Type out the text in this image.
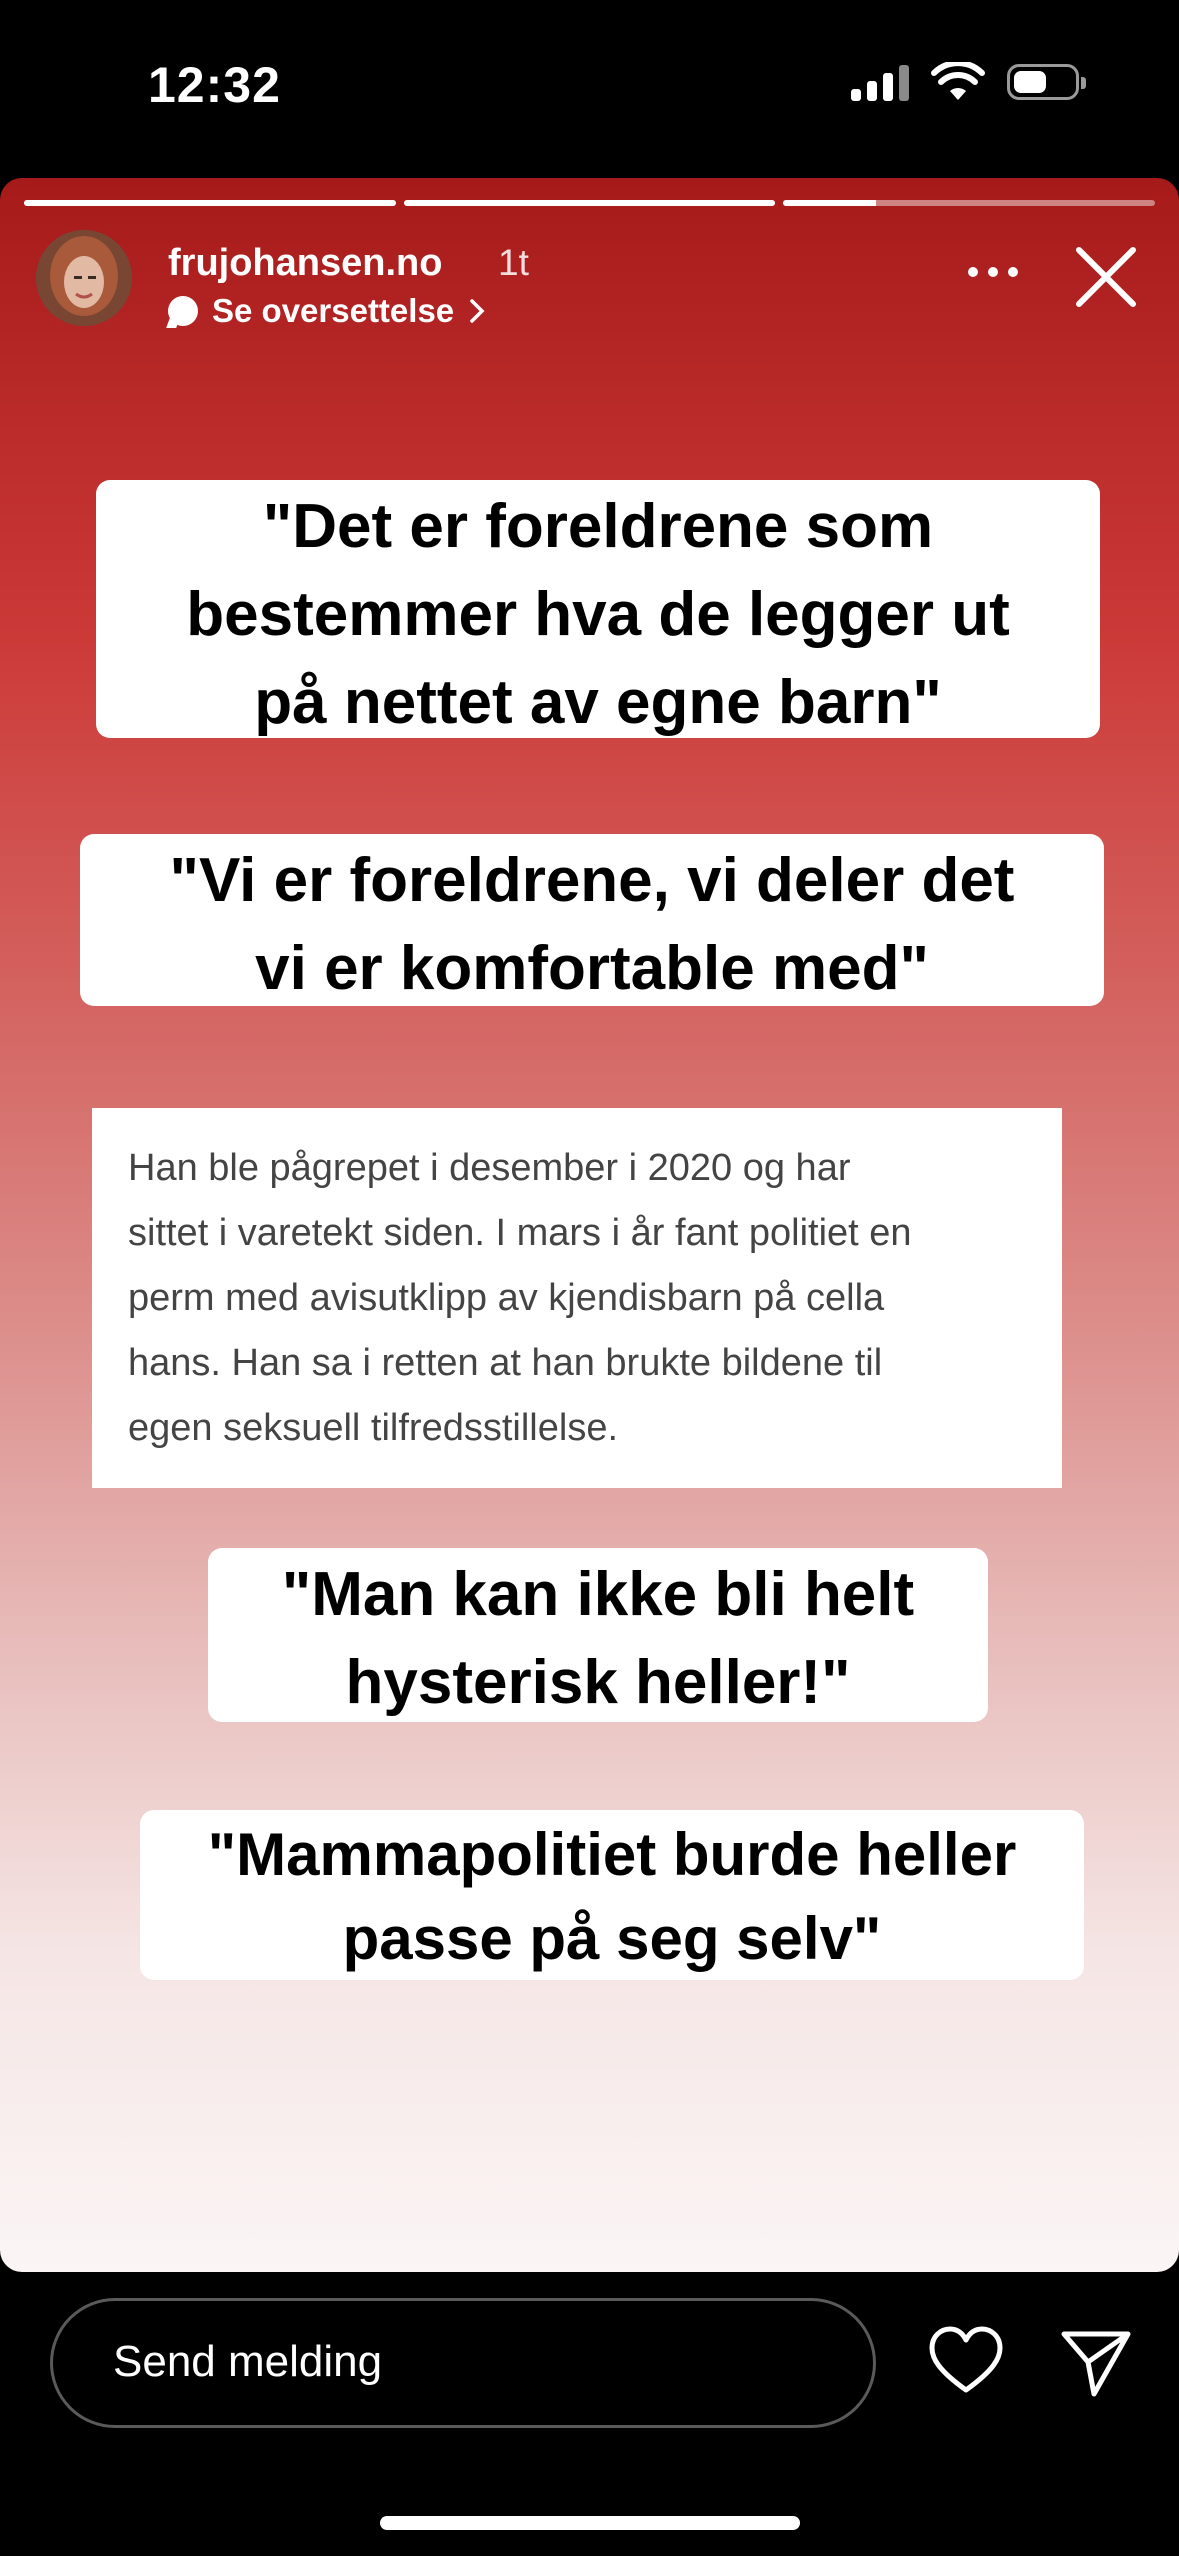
12:32
frujohansen.no 1t
Se oversettelse
"Det er foreldrene som
bestemmer hva de legger ut
på nettet av egne barn"
"Vi er foreldrene, vi deler det
vi er komfortable med"
Han ble pågrepet i desember i 2020 og har
sittet i varetekt siden. I mars i år fant politiet en
perm med avisutklipp av kjendisbarn på cella
hans. Han sa i retten at han brukte bildene til
egen seksuell tilfredsstillelse.
"Man kan ikke bli helt
hysterisk heller!"
"Mammapolitiet burde heller
passe på seg selv"
Send melding
